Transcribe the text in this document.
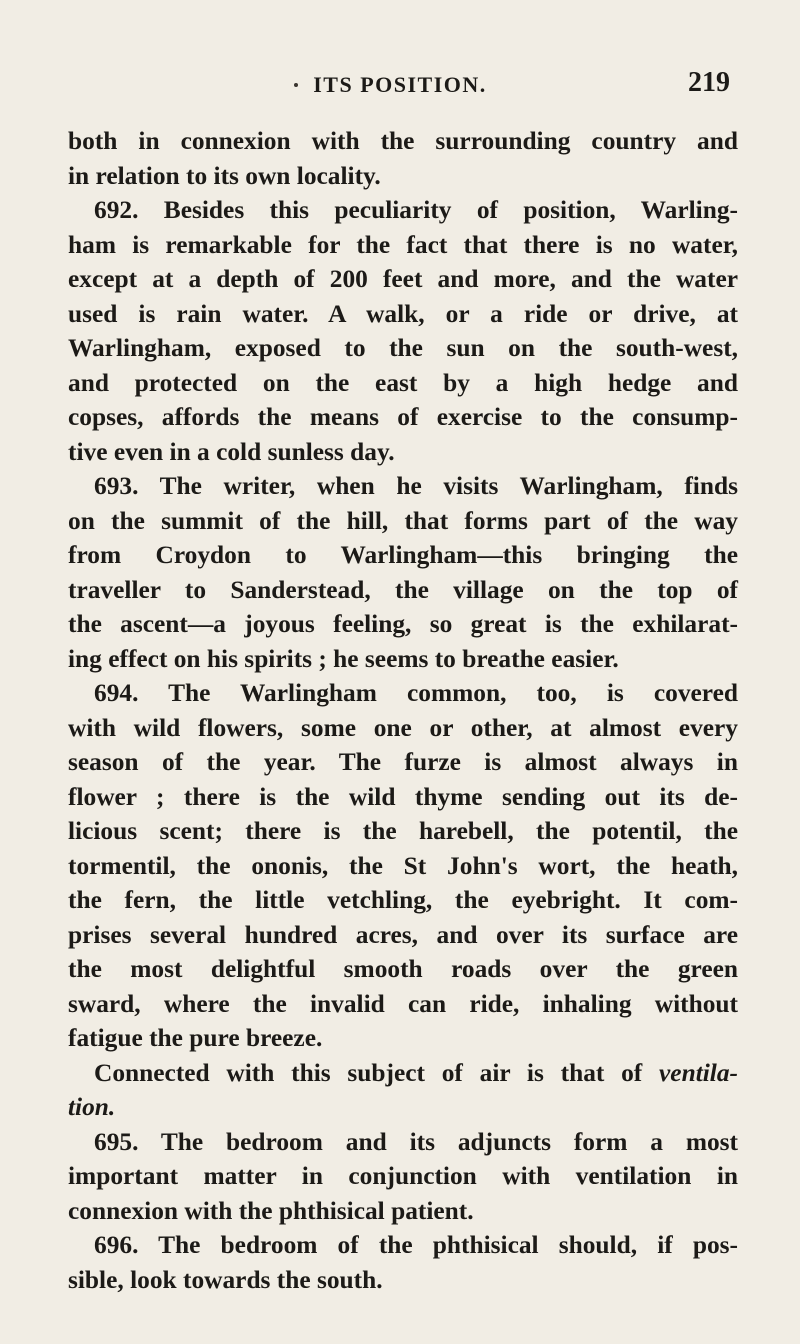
ITS POSITION.	219
both in connexion with the surrounding country and
in relation to its own locality.
692. Besides this peculiarity of position, Warling-
ham is remarkable for the fact that there is no water,
except at a depth of 200 feet and more, and the water
used is rain water. A walk, or a ride or drive, at
Warlingham, exposed to the sun on the south-west,
and protected on the east by a high hedge and
copses, affords the means of exercise to the consump-
tive even in a cold sunless day.
693. The writer, when he visits Warlingham, finds
on the summit of the hill, that forms part of the way
from Croydon to Warlingham—this bringing the
traveller to Sanderstead, the village on the top of
the ascent—a joyous feeling, so great is the exhilarat-
ing effect on his spirits ; he seems to breathe easier.
694. The Warlingham common, too, is covered
with wild flowers, some one or other, at almost every
season of the year. The furze is almost always in
flower ; there is the wild thyme sending out its de-
licious scent; there is the harebell, the potentil, the
tormentil, the ononis, the St John's wort, the heath,
the fern, the little vetchling, the eyebright. It com-
prises several hundred acres, and over its surface are
the most delightful smooth roads over the green
sward, where the invalid can ride, inhaling without
fatigue the pure breeze.
Connected with this subject of air is that of ventila-
tion.
695. The bedroom and its adjuncts form a most
important matter in conjunction with ventilation in
connexion with the phthisical patient.
696. The bedroom of the phthisical should, if pos-
sible, look towards the south.
